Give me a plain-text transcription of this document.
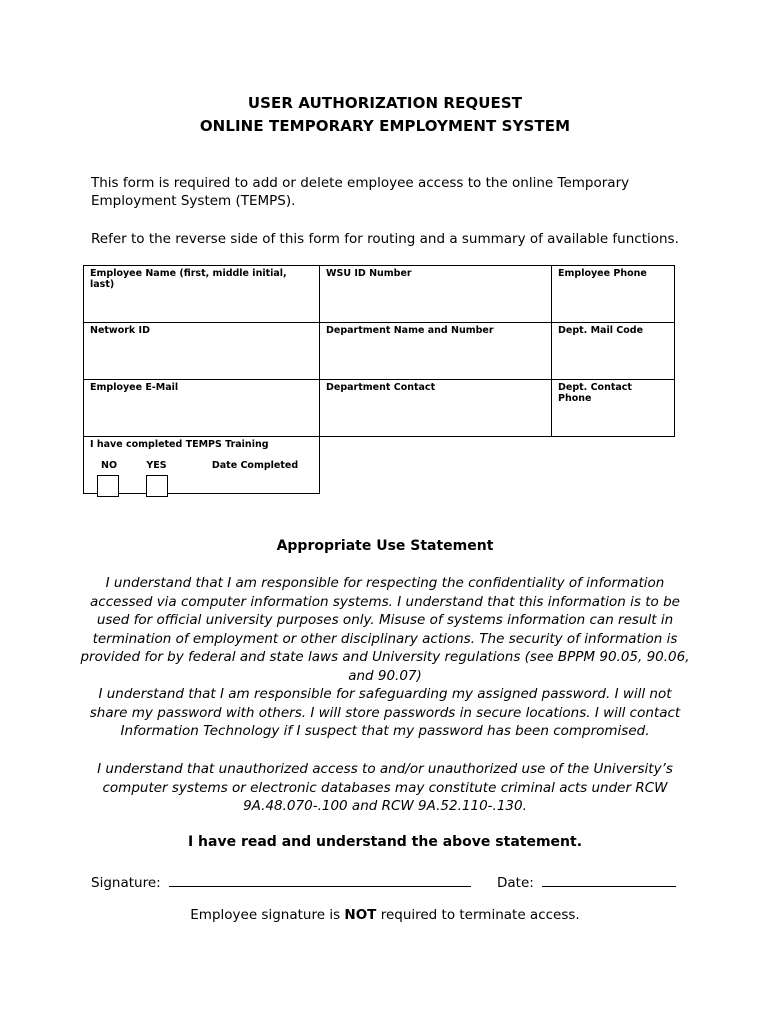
USER AUTHORIZATION REQUEST
ONLINE TEMPORARY EMPLOYMENT SYSTEM
This form is required to add or delete employee access to the online Temporary Employment System (TEMPS).
Refer to the reverse side of this form for routing and a summary of available functions.
Employee Name (first, middle initial, last)	WSU ID Number	Employee Phone
Network ID	Department Name and Number	Dept. Mail Code
Employee E-Mail	Department Contact	Dept. Contact Phone

I have completed TEMPS Training
NO YES Date Completed		

Appropriate Use Statement
I understand that I am responsible for respecting the confidentiality of information accessed via computer information systems. I understand that this information is to be used for official university purposes only. Misuse of systems information can result in termination of employment or other disciplinary actions. The security of information is provided for by federal and state laws and University regulations (see BPPM 90.05, 90.06, and 90.07)
I understand that I am responsible for safeguarding my assigned password. I will not share my password with others. I will store passwords in secure locations. I will contact Information Technology if I suspect that my password has been compromised.
I understand that unauthorized access to and/or unauthorized use of the University’s computer systems or electronic databases may constitute criminal acts under RCW 9A.48.070-.100 and RCW 9A.52.110-.130.
I have read and understand the above statement.
Signature:	Date:
Employee signature is NOT required to terminate access.
